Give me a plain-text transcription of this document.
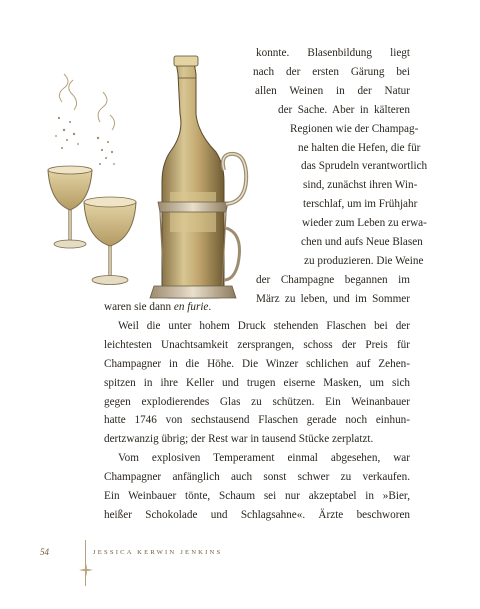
konnte. Blasenbildung liegt
nach der ersten Gärung bei
allen Weinen in der Natur
der Sache. Aber in kälteren
Regionen wie der Champag-
ne halten die Hefen, die für
das Sprudeln verantwortlich
sind, zunächst ihren Win-
terschlaf, um im Frühjahr
wieder zum Leben zu erwa-
chen und aufs Neue Blasen
zu produzieren. Die Weine
der Champagne begannen im
März zu leben, und im Sommer
waren sie dann en furie.
Weil die unter hohem Druck stehenden Flaschen bei der
leichtesten Unachtsamkeit zersprangen, schoss der Preis für
Champagner in die Höhe. Die Winzer schlichen auf Zehen-
spitzen in ihre Keller und trugen eiserne Masken, um sich
gegen explodierendes Glas zu schützen. Ein Weinanbauer
hatte 1746 von sechstausend Flaschen gerade noch einhun-
dertzwanzig übrig; der Rest war in tausend Stücke zerplatzt.
Vom explosiven Temperament einmal abgesehen, war
Champagner anfänglich auch sonst schwer zu verkaufen.
Ein Weinbauer tönte, Schaum sei nur akzeptabel in »Bier,
heißer Schokolade und Schlagsahne«. Ärzte beschworen
54	JESSICA KERWIN JENKINS
